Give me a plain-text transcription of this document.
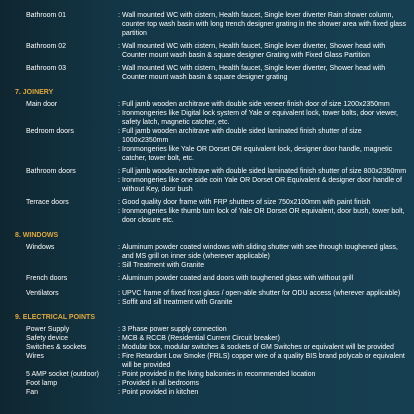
Bathroom 01	: Wall mounted WC with cistern, Health faucet, Single lever diverter Rain shower column, counter top wash basin with long trench designer grating in the shower area with fixed glass partition
Bathroom 02	: Wall mounted WC with cistern, Health faucet, Single lever diverter, Shower head with Counter mount wash basin & square designer Grating with Fixed Glass Partition
Bathroom 03	: Wall mounted WC with cistern, Health faucet, Single lever diverter, Shower head with Counter mount wash basin & square designer grating
7. JOINERY
Main door	: Full jamb wooden architrave with double side veneer finish door of size 1200x2350mm
: Ironmongeries like Digital lock system of Yale or equivalent lock, tower bolts, door viewer, safety latch, magnetic catcher, etc.
Bedroom doors	: Full jamb wooden architrave with double sided laminated finish shutter of size 1000x2350mm
: Ironmongeries like Yale OR Dorset OR equivalent lock, designer door handle, magnetic catcher, tower bolt, etc.
Bathroom doors	: Full jamb wooden architrave with double sided laminated finish shutter of size 800x2350mm
: Ironmongeries like one side coin Yale OR Dorset OR Equivalent & designer door handle of without Key, door bush
Terrace doors	: Good quality door frame with FRP shutters of size 750x2100mm with paint finish
: Ironmongeries like thumb turn lock of Yale OR Dorset OR equivalent, door bush, tower bolt, door closure etc.
8. WINDOWS
Windows	: Aluminum powder coated windows with sliding shutter with see through toughened glass, and MS grill on inner side (wherever applicable)
: Sill Treatment with Granite
French doors	: Aluminum powder coated and doors with toughened glass with without grill
Ventilators	: UPVC frame of fixed frost glass / open-able shutter for ODU access (wherever applicable)
: Soffit and sill treatment with Granite
9. ELECTRICAL POINTS
Power Supply	: 3 Phase power supply connection
Safety device	: MCB & RCCB (Residential Current Circuit breaker)
Switches & sockets	: Modular box, modular switches & sockets of GM Switches or equivalent will be provided
Wires	: Fire Retardant Low Smoke (FRLS) copper wire of a quality BIS brand polycab or equivalent will be provided
5 AMP socket (outdoor)	: Point provided in the living balconies in recommended location
Foot lamp	: Provided in all bedrooms
Fan	: Point provided in kitchen
